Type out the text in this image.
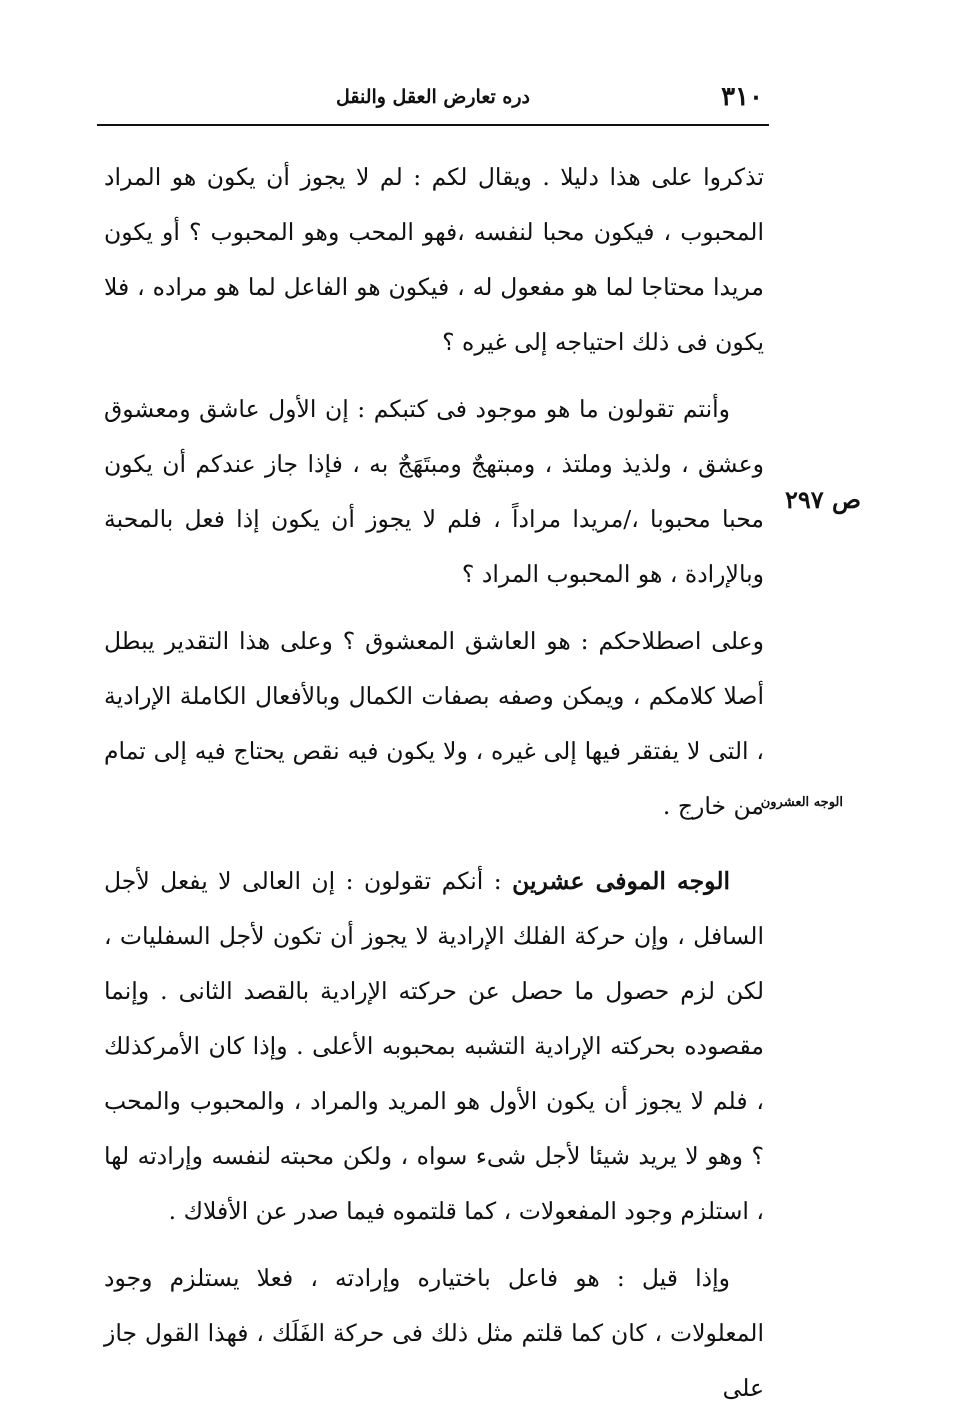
٣١٠
دره تعارض العقل والنقل
ص ٢٩٧
الوجه العشرون

تذكروا على هذا دليلا . ويقال لكم : لم لا يجوز أن يكون هو المراد المحبوب ، فيكون محبا لنفسه ،فهو المحب وهو المحبوب ؟ أو يكون مريدا محتاجا لما هو مفعول له ، فيكون هو الفاعل لما هو مراده ، فلا يكون فى ذلك احتياجه إلى غيره ؟

وأنتم تقولون ما هو موجود فى كتبكم : إن الأول عاشق ومعشوق وعشق ، ولذيذ وملتذ ، ومبتهجٌ ومبتَهَجٌ به ، فإذا جاز عندكم أن يكون محبا محبوبا ،/مريدا مراداً ، فلم لا يجوز أن يكون إذا فعل بالمحبة وبالإرادة ، هو المحبوب المراد ؟

وعلى اصطلاحكم : هو العاشق المعشوق ؟ وعلى هذا التقدير يبطل أصلا كلامكم ، ويمكن وصفه بصفات الكمال وبالأفعال الكاملة الإرادية ، التى لا يفتقر فيها إلى غيره ، ولا يكون فيه نقص يحتاج فيه إلى تمام من خارج .

الوجه الموفى عشرين : أنكم تقولون : إن العالى لا يفعل لأجل السافل ، وإن حركة الفلك الإرادية لا يجوز أن تكون لأجل السفليات ، لكن لزم حصول ما حصل عن حركته الإرادية بالقصد الثانى . وإنما مقصوده بحركته الإرادية التشبه بمحبوبه الأعلى . وإذا كان الأمركذلك ، فلم لا يجوز أن يكون الأول هو المريد والمراد ، والمحبوب والمحب ؟ وهو لا يريد شيئا لأجل شىء سواه ، ولكن محبته لنفسه وإرادته لها ، استلزم وجود المفعولات ، كما قلتموه فيما صدر عن الأفلاك .

وإذا قيل : هو فاعل باختياره وإرادته ، فعلا يستلزم وجود المعلولات ، كان كما قلتم مثل ذلك فى حركة الفَلَك ، فهذا القول جاز على
